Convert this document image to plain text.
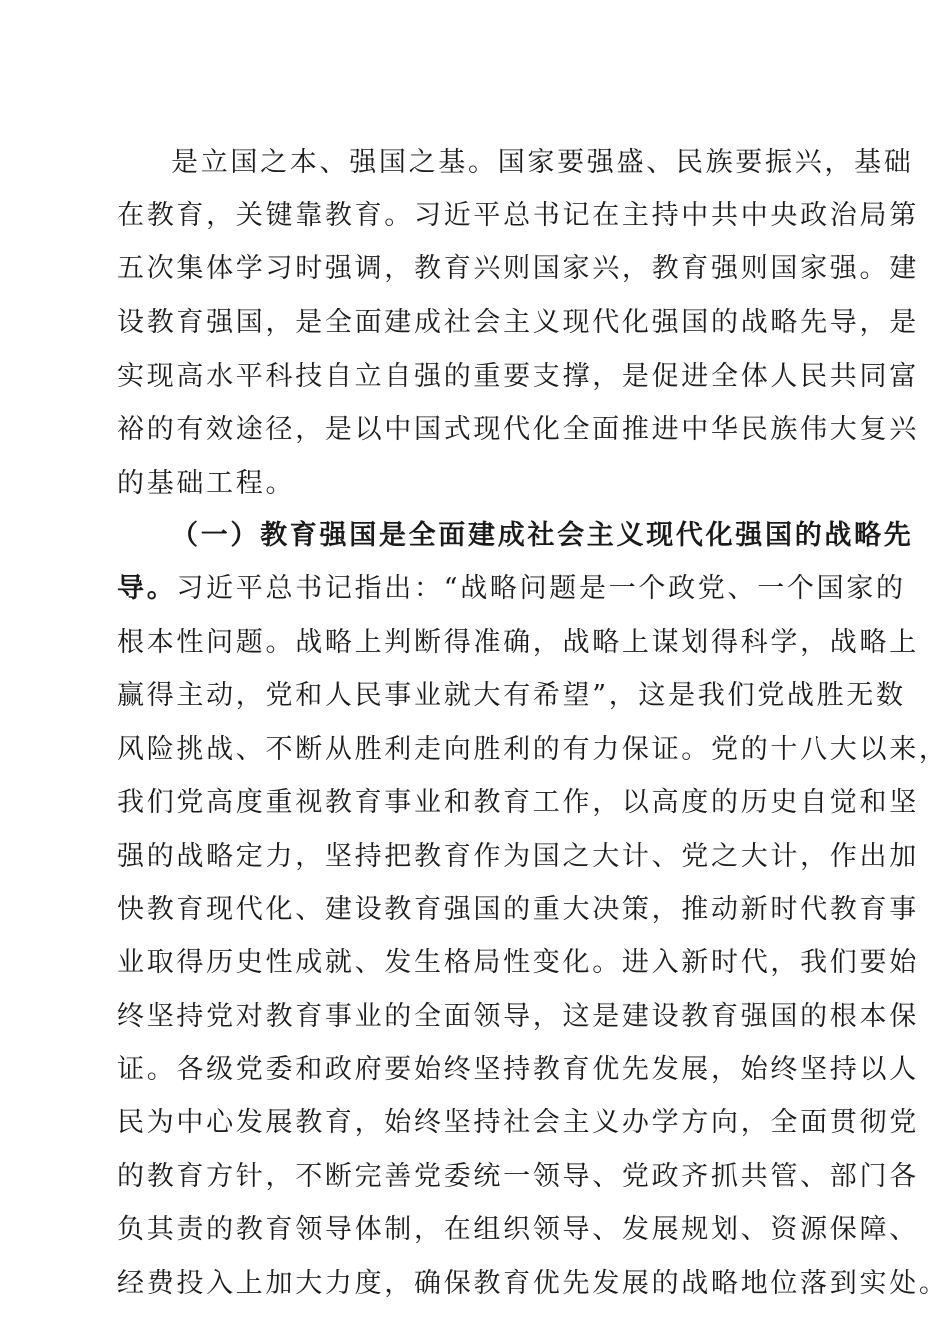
是立国之本、强国之基。国家要强盛、民族要振兴，基础
在教育，关键靠教育。习近平总书记在主持中共中央政治局第
五次集体学习时强调，教育兴则国家兴，教育强则国家强。建
设教育强国，是全面建成社会主义现代化强国的战略先导，是
实现高水平科技自立自强的重要支撑，是促进全体人民共同富
裕的有效途径，是以中国式现代化全面推进中华民族伟大复兴
的基础工程。
（一）教育强国是全面建成社会主义现代化强国的战略先
导。习近平总书记指出：“战略问题是一个政党、一个国家的
根本性问题。战略上判断得准确，战略上谋划得科学，战略上
赢得主动，党和人民事业就大有希望”，这是我们党战胜无数
风险挑战、不断从胜利走向胜利的有力保证。党的十八大以来，
我们党高度重视教育事业和教育工作，以高度的历史自觉和坚
强的战略定力，坚持把教育作为国之大计、党之大计，作出加
快教育现代化、建设教育强国的重大决策，推动新时代教育事
业取得历史性成就、发生格局性变化。进入新时代，我们要始
终坚持党对教育事业的全面领导，这是建设教育强国的根本保
证。各级党委和政府要始终坚持教育优先发展，始终坚持以人
民为中心发展教育，始终坚持社会主义办学方向，全面贯彻党
的教育方针，不断完善党委统一领导、党政齐抓共管、部门各
负其责的教育领导体制，在组织领导、发展规划、资源保障、
经费投入上加大力度，确保教育优先发展的战略地位落到实处。
